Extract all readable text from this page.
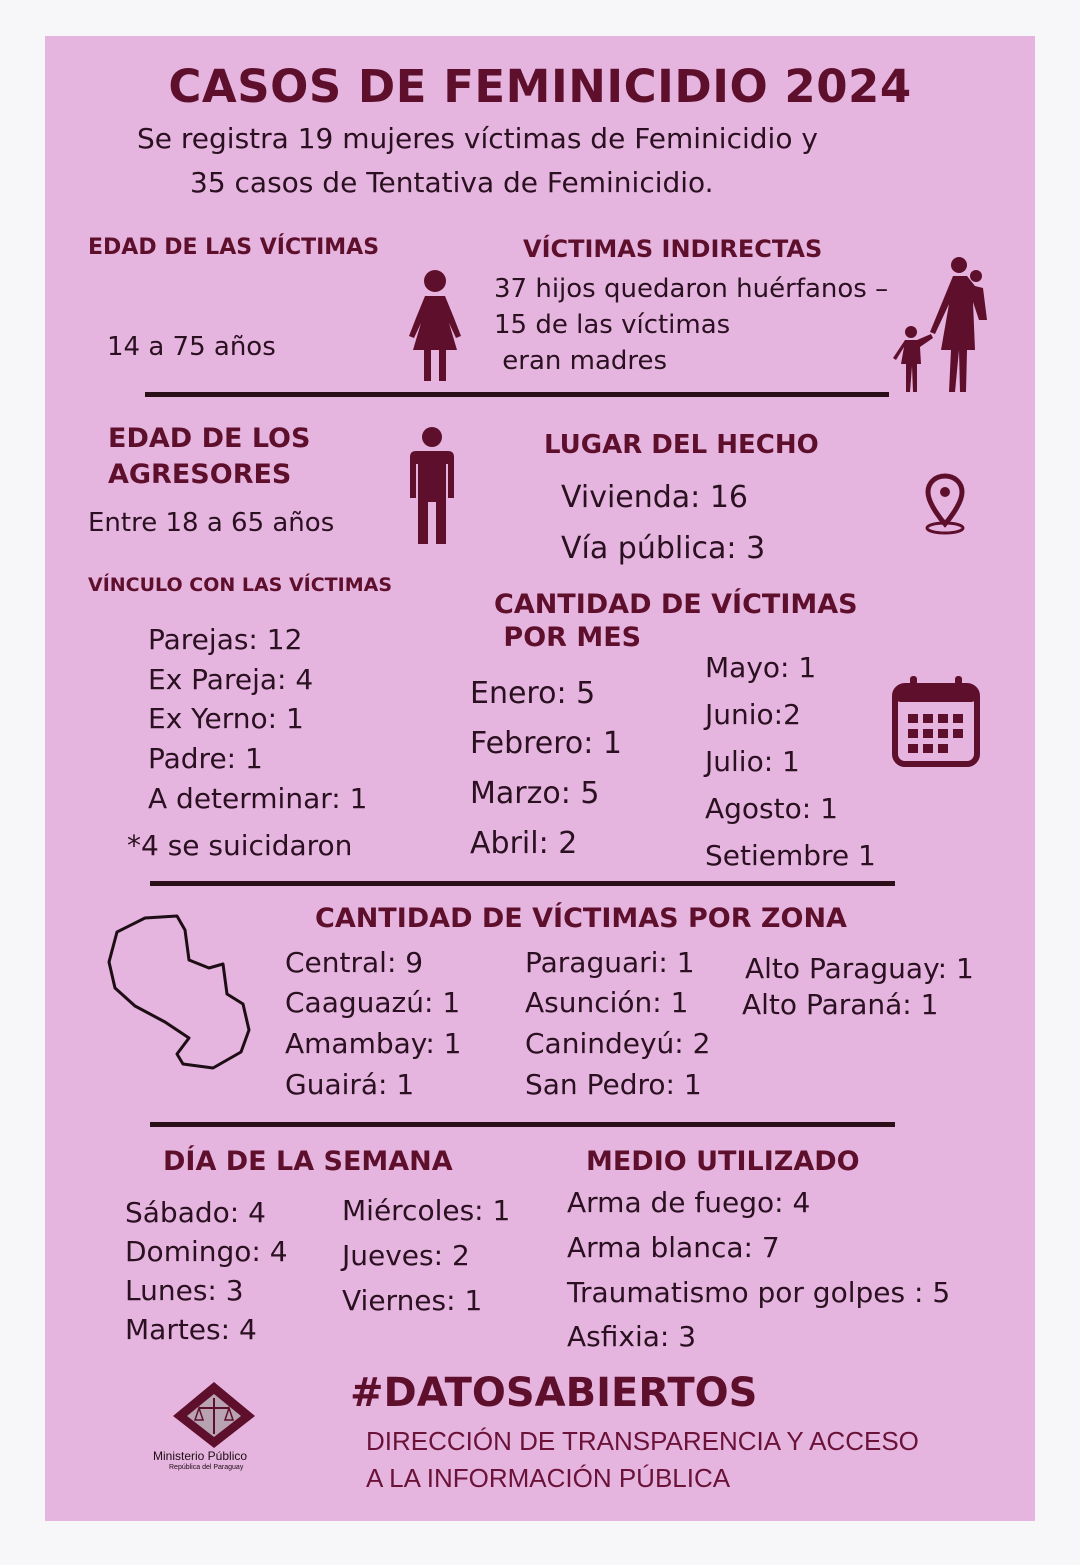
CASOS DE FEMINICIDIO 2024
Se registra 19 mujeres víctimas de Feminicidio y
35 casos de Tentativa de Feminicidio.
EDAD DE LAS VÍCTIMAS
14 a 75 años
VÍCTIMAS INDIRECTAS
37 hijos quedaron huérfanos –
15 de las víctimas
eran madres
EDAD DE LOS
AGRESORES
Entre 18 a 65 años
LUGAR DEL HECHO
Vivienda: 16
Vía pública: 3
VÍNCULO CON LAS VÍCTIMAS
Parejas: 12
Ex Pareja: 4
Ex Yerno: 1
Padre: 1
A determinar: 1
*4 se suicidaron
CANTIDAD DE VÍCTIMAS
POR MES
Enero: 5
Febrero: 1
Marzo: 5
Abril: 2
Mayo: 1
Junio:2
Julio: 1
Agosto: 1
Setiembre 1
CANTIDAD DE VÍCTIMAS POR ZONA
Central: 9
Caaguazú: 1
Amambay: 1
Guairá: 1
Paraguari: 1
Asunción: 1
Canindeyú: 2
San Pedro: 1
Alto Paraguay: 1
Alto Paraná: 1
DÍA DE LA SEMANA
Sábado: 4
Domingo: 4
Lunes: 3
Martes: 4
Miércoles: 1
Jueves: 2
Viernes: 1
MEDIO UTILIZADO
Arma de fuego: 4
Arma blanca: 7
Traumatismo por golpes : 5
Asfixia: 3
Ministerio Público
República del Paraguay
#DATOSABIERTOS
DIRECCIÓN DE TRANSPARENCIA Y ACCESO
A LA INFORMACIÓN PÚBLICA
